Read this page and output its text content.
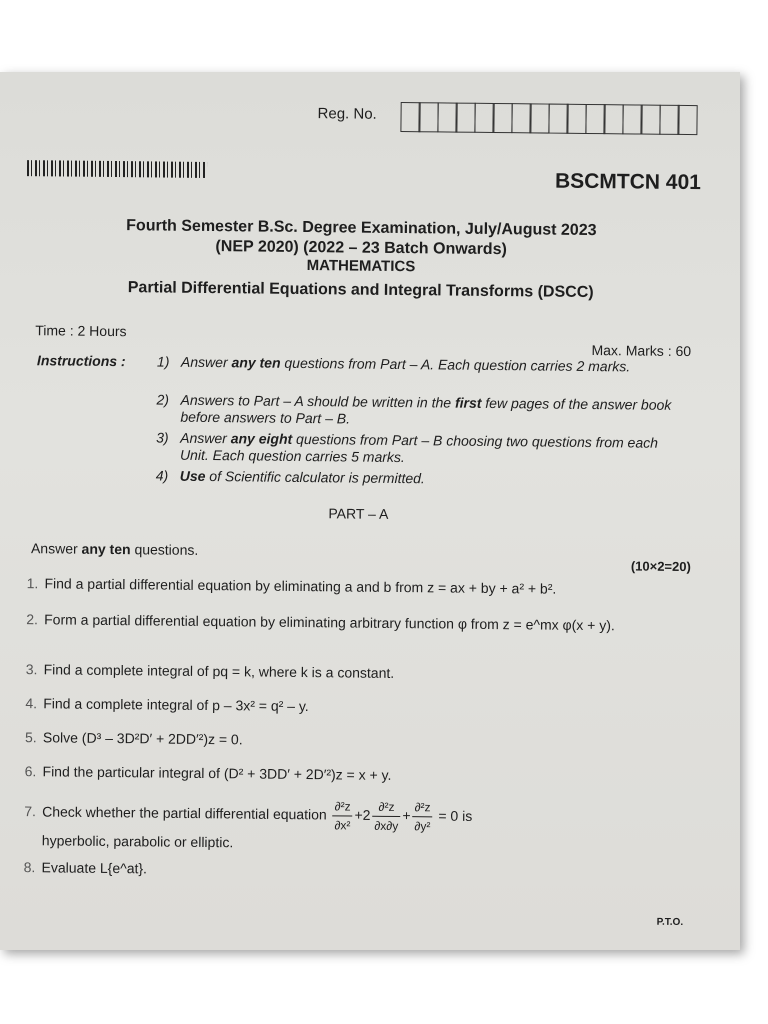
Reg. No.
BSCMTCN 401
Fourth Semester B.Sc. Degree Examination, July/August 2023
(NEP 2020) (2022 – 23 Batch Onwards)
MATHEMATICS
Partial Differential Equations and Integral Transforms (DSCC)
Time : 2 Hours
Max. Marks : 60
Instructions : 1) Answer any ten questions from Part – A. Each question carries 2 marks.
2) Answers to Part – A should be written in the first few pages of the answer book before answers to Part – B.
3) Answer any eight questions from Part – B choosing two questions from each Unit. Each question carries 5 marks.
4) Use of Scientific calculator is permitted.
PART – A
Answer any ten questions.
(10×2=20)
1. Find a partial differential equation by eliminating a and b from z = ax + by + a² + b².
2. Form a partial differential equation by eliminating arbitrary function φ from z = e^mx φ(x + y).
3. Find a complete integral of pq = k, where k is a constant.
4. Find a complete integral of p – 3x² = q² – y.
5. Solve (D³ – 3D²D′ + 2DD′²)z = 0.
6. Find the particular integral of (D² + 3DD′ + 2D′²)z = x + y.
7. Check whether the partial differential equation $\frac{\text{∂²z}}{\text{∂x²}} +2 \frac{\text{∂²z}}{\partial x\partial y} + \frac{\text{∂²z}}{\text{∂y²}} = 0$ is
hyperbolic, parabolic or elliptic.
8. Evaluate L{e^at}.
P.T.O.
